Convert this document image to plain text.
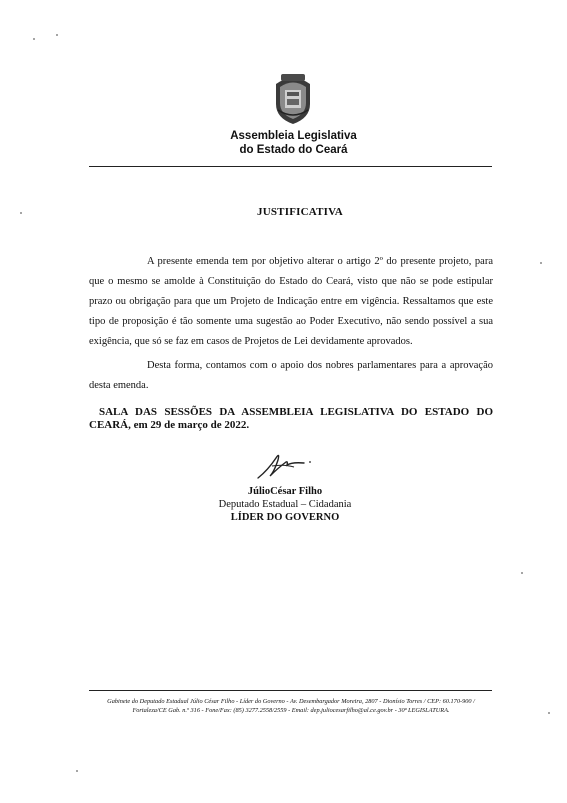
Assembleia Legislativa
do Estado do Ceará
JUSTIFICATIVA

A presente emenda tem por objetivo alterar o artigo 2º do presente projeto, para que o mesmo se amolde à Constituição do Estado do Ceará, visto que não se pode estipular prazo ou obrigação para que um Projeto de Indicação entre em vigência. Ressaltamos que este tipo de proposição é tão somente uma sugestão ao Poder Executivo, não sendo possível a sua exigência, que só se faz em casos de Projetos de Lei devidamente aprovados.

Desta forma, contamos com o apoio dos nobres parlamentares para a aprovação desta emenda.

SALA DAS SESSÕES DA ASSEMBLEIA LEGISLATIVA DO ESTADO DO CEARÁ, em 29 de março de 2022.
JúlioCésar Filho
Deputado Estadual – Cidadania
LÍDER DO GOVERNO
Gabinete do Deputado Estadual Júlio César Filho - Líder do Governo - Av. Desembargador Moreira, 2807 - Dionísio Torres / CEP: 60.170-900 /
Fortaleza/CE Gab. n.º 316 - Fone/Fax: (85) 3277.2558/2559 - Email: dep.juliocesarfilho@al.ce.gov.br - 30ª LEGISLATURA.
